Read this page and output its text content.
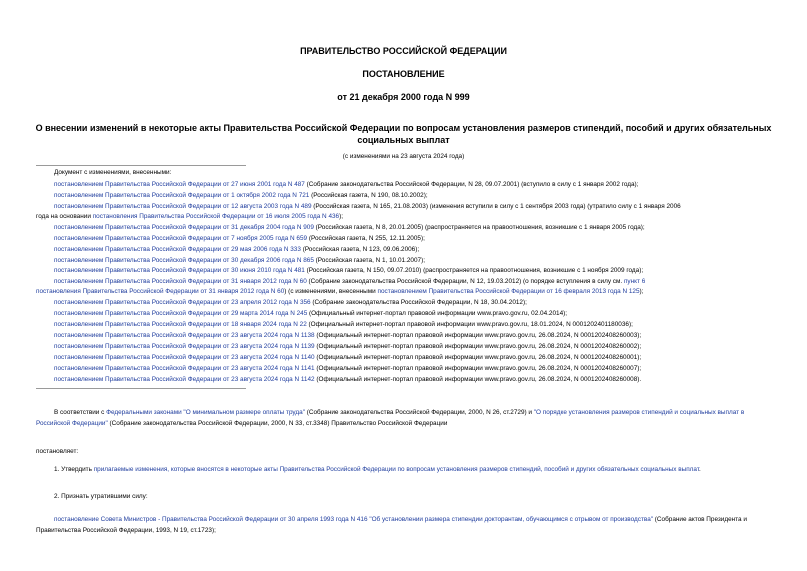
ПРАВИТЕЛЬСТВО РОССИЙСКОЙ ФЕДЕРАЦИИ
ПОСТАНОВЛЕНИЕ
от 21 декабря 2000 года N 999
О внесении изменений в некоторые акты Правительства Российской Федерации по вопросам установления размеров стипендий, пособий и других обязательных социальных выплат
(с изменениями на 23 августа 2024 года)
Документ с изменениями, внесенными:
постановлением Правительства Российской Федерации от 27 июня 2001 года N 487 (Собрание законодательства Российской Федерации, N 28, 09.07.2001) (вступило в силу с 1 января 2002 года);
постановлением Правительства Российской Федерации от 1 октября 2002 года N 721 (Российская газета, N 190, 08.10.2002);
постановлением Правительства Российской Федерации от 12 августа 2003 года N 489 (Российская газета, N 165, 21.08.2003) (изменения вступили в силу с 1 сентября 2003 года) (утратило силу с 1 января 2006
года на основании постановления Правительства Российской Федерации от 16 июля 2005 года N 436);
постановлением Правительства Российской Федерации от 31 декабря 2004 года N 909 (Российская газета, N 8, 20.01.2005) (распространяется на правоотношения, возникшие с 1 января 2005 года);
постановлением Правительства Российской Федерации от 7 ноября 2005 года N 659 (Российская газета, N 255, 12.11.2005);
постановлением Правительства Российской Федерации от 29 мая 2006 года N 333 (Российская газета, N 123, 09.06.2006);
постановлением Правительства Российской Федерации от 30 декабря 2006 года N 865 (Российская газета, N 1, 10.01.2007);
постановлением Правительства Российской Федерации от 30 июня 2010 года N 481 (Российская газета, N 150, 09.07.2010) (распространяется на правоотношения, возникшие с 1 ноября 2009 года);
постановлением Правительства Российской Федерации от 31 января 2012 года N 60 (Собрание законодательства Российской Федерации, N 12, 19.03.2012) (о порядке вступления в силу см. пункт 6
постановления Правительства Российской Федерации от 31 января 2012 года N 60) (с изменениями, внесенными постановлением Правительства Российской Федерации от 16 февраля 2013 года N 125);
постановлением Правительства Российской Федерации от 23 апреля 2012 года N 356 (Собрание законодательства Российской Федерации, N 18, 30.04.2012);
постановлением Правительства Российской Федерации от 29 марта 2014 года N 245 (Официальный интернет-портал правовой информации www.pravo.gov.ru, 02.04.2014);
постановлением Правительства Российской Федерации от 18 января 2024 года N 22 (Официальный интернет-портал правовой информации www.pravo.gov.ru, 18.01.2024, N 0001202401180036);
постановлением Правительства Российской Федерации от 23 августа 2024 года N 1138 (Официальный интернет-портал правовой информации www.pravo.gov.ru, 26.08.2024, N 0001202408260003);
постановлением Правительства Российской Федерации от 23 августа 2024 года N 1139 (Официальный интернет-портал правовой информации www.pravo.gov.ru, 26.08.2024, N 0001202408260002);
постановлением Правительства Российской Федерации от 23 августа 2024 года N 1140 (Официальный интернет-портал правовой информации www.pravo.gov.ru, 26.08.2024, N 0001202408260001);
постановлением Правительства Российской Федерации от 23 августа 2024 года N 1141 (Официальный интернет-портал правовой информации www.pravo.gov.ru, 26.08.2024, N 0001202408260007);
постановлением Правительства Российской Федерации от 23 августа 2024 года N 1142 (Официальный интернет-портал правовой информации www.pravo.gov.ru, 26.08.2024, N 0001202408260008).
В соответствии с Федеральными законами "О минимальном размере оплаты труда" (Собрание законодательства Российской Федерации, 2000, N 26, ст.2729) и "О порядке установления размеров стипендий и социальных выплат в Российской Федерации" (Собрание законодательства Российской Федерации, 2000, N 33, ст.3348) Правительство Российской Федерации
постановляет:
1. Утвердить прилагаемые изменения, которые вносятся в некоторые акты Правительства Российской Федерации по вопросам установления размеров стипендий, пособий и других обязательных социальных выплат.
2. Признать утратившими силу:
постановление Совета Министров - Правительства Российской Федерации от 30 апреля 1993 года N 416 "Об установлении размера стипендии докторантам, обучающимся с отрывом от производства" (Собрание актов Президента и Правительства Российской Федерации, 1993, N 19, ст.1723);
